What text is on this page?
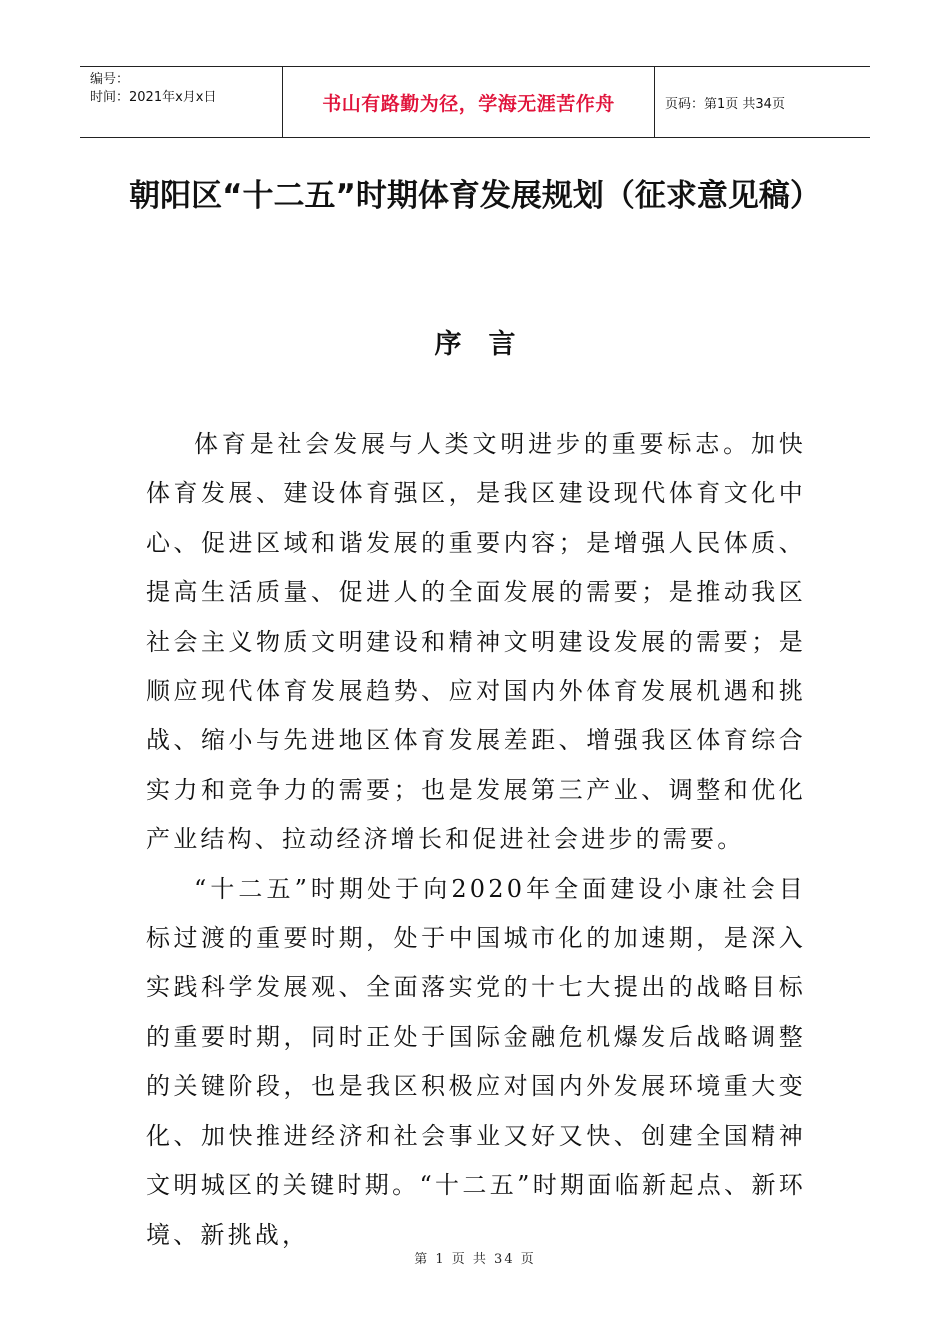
编号：
时间：2021年x月x日	书山有路勤为径，学海无涯苦作舟	页码：第1页 共34页
朝阳区“十二五”时期体育发展规划（征求意见稿）
序　言

体育是社会发展与人类文明进步的重要标志。加快体育发展、建设体育强区，是我区建设现代体育文化中心、促进区域和谐发展的重要内容；是增强人民体质、提高生活质量、促进人的全面发展的需要；是推动我区社会主义物质文明建设和精神文明建设发展的需要；是顺应现代体育发展趋势、应对国内外体育发展机遇和挑战、缩小与先进地区体育发展差距、增强我区体育综合实力和竞争力的需要；也是发展第三产业、调整和优化产业结构、拉动经济增长和促进社会进步的需要。

“十二五”时期处于向2020年全面建设小康社会目标过渡的重要时期，处于中国城市化的加速期，是深入实践科学发展观、全面落实党的十七大提出的战略目标的重要时期，同时正处于国际金融危机爆发后战略调整的关键阶段，也是我区积极应对国内外发展环境重大变化、加快推进经济和社会事业又好又快、创建全国精神文明城区的关键时期。“十二五”时期面临新起点、新环境、新挑战，

第 1 页 共 34 页
